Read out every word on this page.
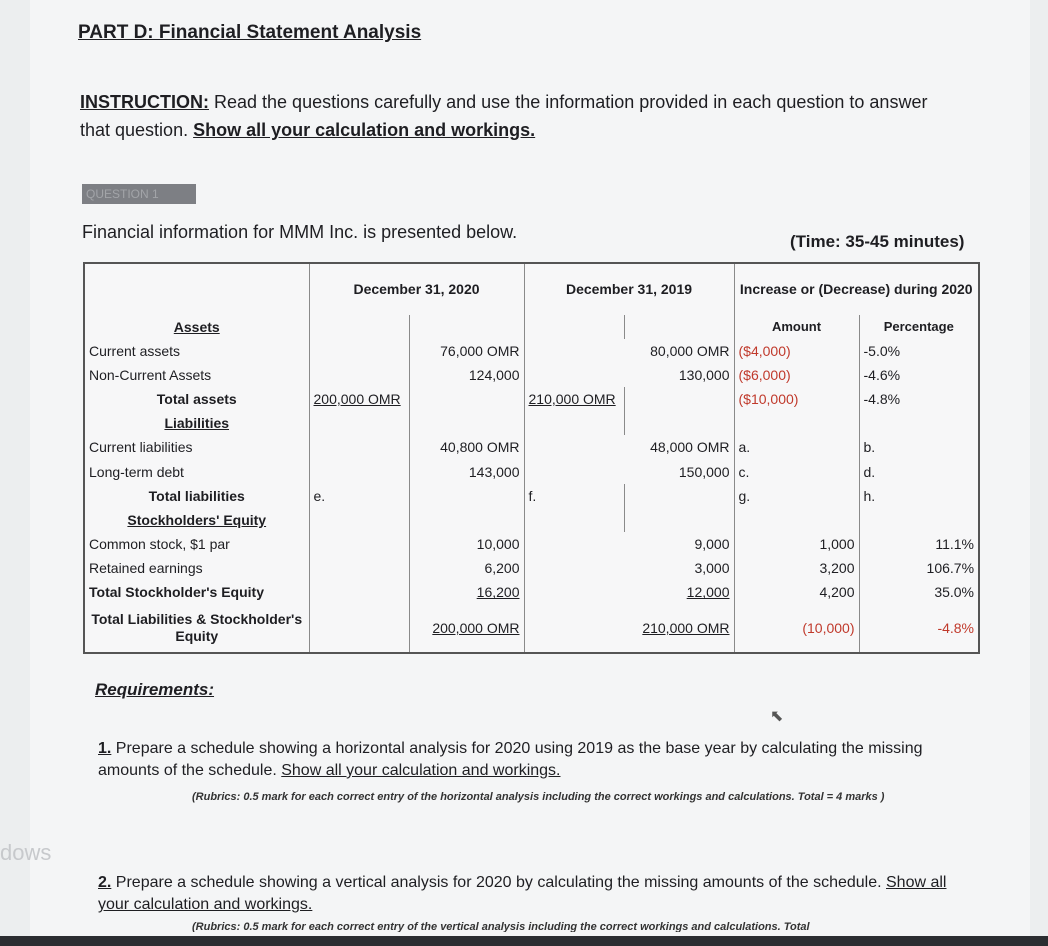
PART D: Financial Statement Analysis
INSTRUCTION: Read the questions carefully and use the information provided in each question to answer that question. Show all your calculation and workings.
QUESTION 1
Financial information for MMM Inc. is presented below.	(Time: 35-45 minutes)
	December 31, 2020		December 31, 2019		Increase or (Decrease) during 2020	
Assets					Amount	Percentage
Current assets		76,000 OMR	80,000 OMR		($4,000)	-5.0%
Non-Current Assets		124,000	130,000		($6,000)	-4.6%
Total assets	200,000 OMR		210,000 OMR		($10,000)	-4.8%
Liabilities						
Current liabilities		40,800 OMR	48,000 OMR		a.	b.
Long-term debt		143,000	150,000		c.	d.
Total liabilities	e.		f.		g.	h.
Stockholders' Equity						
Common stock, $1 par		10,000	9,000		1,000	11.1%
Retained earnings		6,200	3,000		3,200	106.7%
Total Stockholder's Equity		16,200	12,000		4,200	35.0%
Total Liabilities & Stockholder's Equity		200,000 OMR	210,000 OMR		(10,000)	-4.8%
Requirements:
⬉
1. Prepare a schedule showing a horizontal analysis for 2020 using 2019 as the base year by calculating the missing amounts of the schedule. Show all your calculation and workings.
(Rubrics: 0.5 mark for each correct entry of the horizontal analysis including the correct workings and calculations. Total = 4 marks )
2. Prepare a schedule showing a vertical analysis for 2020 by calculating the missing amounts of the schedule. Show all your calculation and workings.
(Rubrics: 0.5 mark for each correct entry of the vertical analysis including the correct workings and calculations. Total
dows
